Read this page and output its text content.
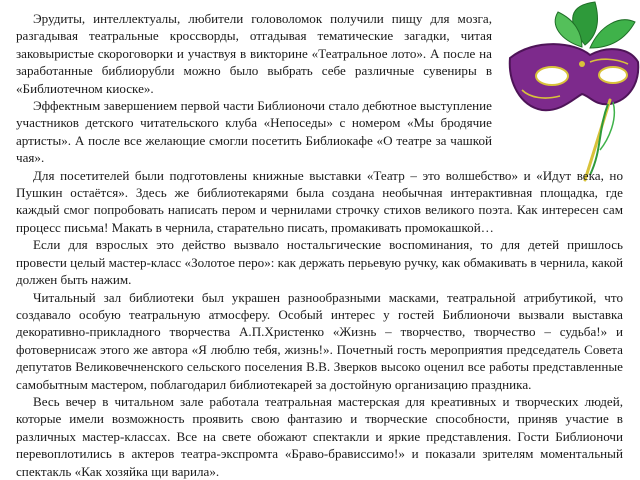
Эрудиты, интеллектуалы, любители головоломок получили пищу для мозга, разгадывая театральные кроссворды, отгадывая тематические загадки, читая заковыристые скороговорки и участвуя в викторине «Театральное лото». А после на заработанные библиорубли можно было выбрать себе различные сувениры в «Библиотечном киоске».

Эффектным завершением первой части Библионочи стало дебютное выступление участников детского читательского клуба «Непоседы» с номером «Мы бродячие артисты». А после все желающие смогли посетить Библиокафе «О театре за чашкой чая».

Для посетителей были подготовлены книжные выставки «Театр – это волшебство» и «Идут века, но Пушкин остаётся». Здесь же библиотекарями была создана необычная интерактивная площадка, где каждый смог попробовать написать пером и чернилами строчку стихов великого поэта. Как интересен сам процесс письма! Макать в чернила, старательно писать, промакивать промокашкой…

Если для взрослых это действо вызвало ностальгические воспоминания, то для детей пришлось провести целый мастер-класс «Золотое перо»: как держать перьевую ручку, как обмакивать в чернила, какой должен быть нажим.

Читальный зал библиотеки был украшен разнообразными масками, театральной атрибутикой, что создавало особую театральную атмосферу. Особый интерес у гостей Библионочи вызвали выставка декоративно-прикладного творчества А.П.Христенко «Жизнь – творчество, творчество – судьба!» и фотовернисаж этого же автора «Я люблю тебя, жизнь!». Почетный гость мероприятия председатель Совета депутатов Великовечненского сельского поселения В.В. Зверков высоко оценил все работы представленные самобытным мастером, поблагодарил библиотекарей за достойную организацию праздника.

Весь вечер в читальном зале работала театральная мастерская для креативных и творческих людей, которые имели возможность проявить свою фантазию и творческие способности, приняв участие в различных мастер-классах. Все на свете обожают спектакли и яркие представления. Гости Библионочи перевоплотились в актеров театра-экспромта «Браво-брависсимо!» и показали зрителям моментальный спектакль «Как хозяйка щи варила».
